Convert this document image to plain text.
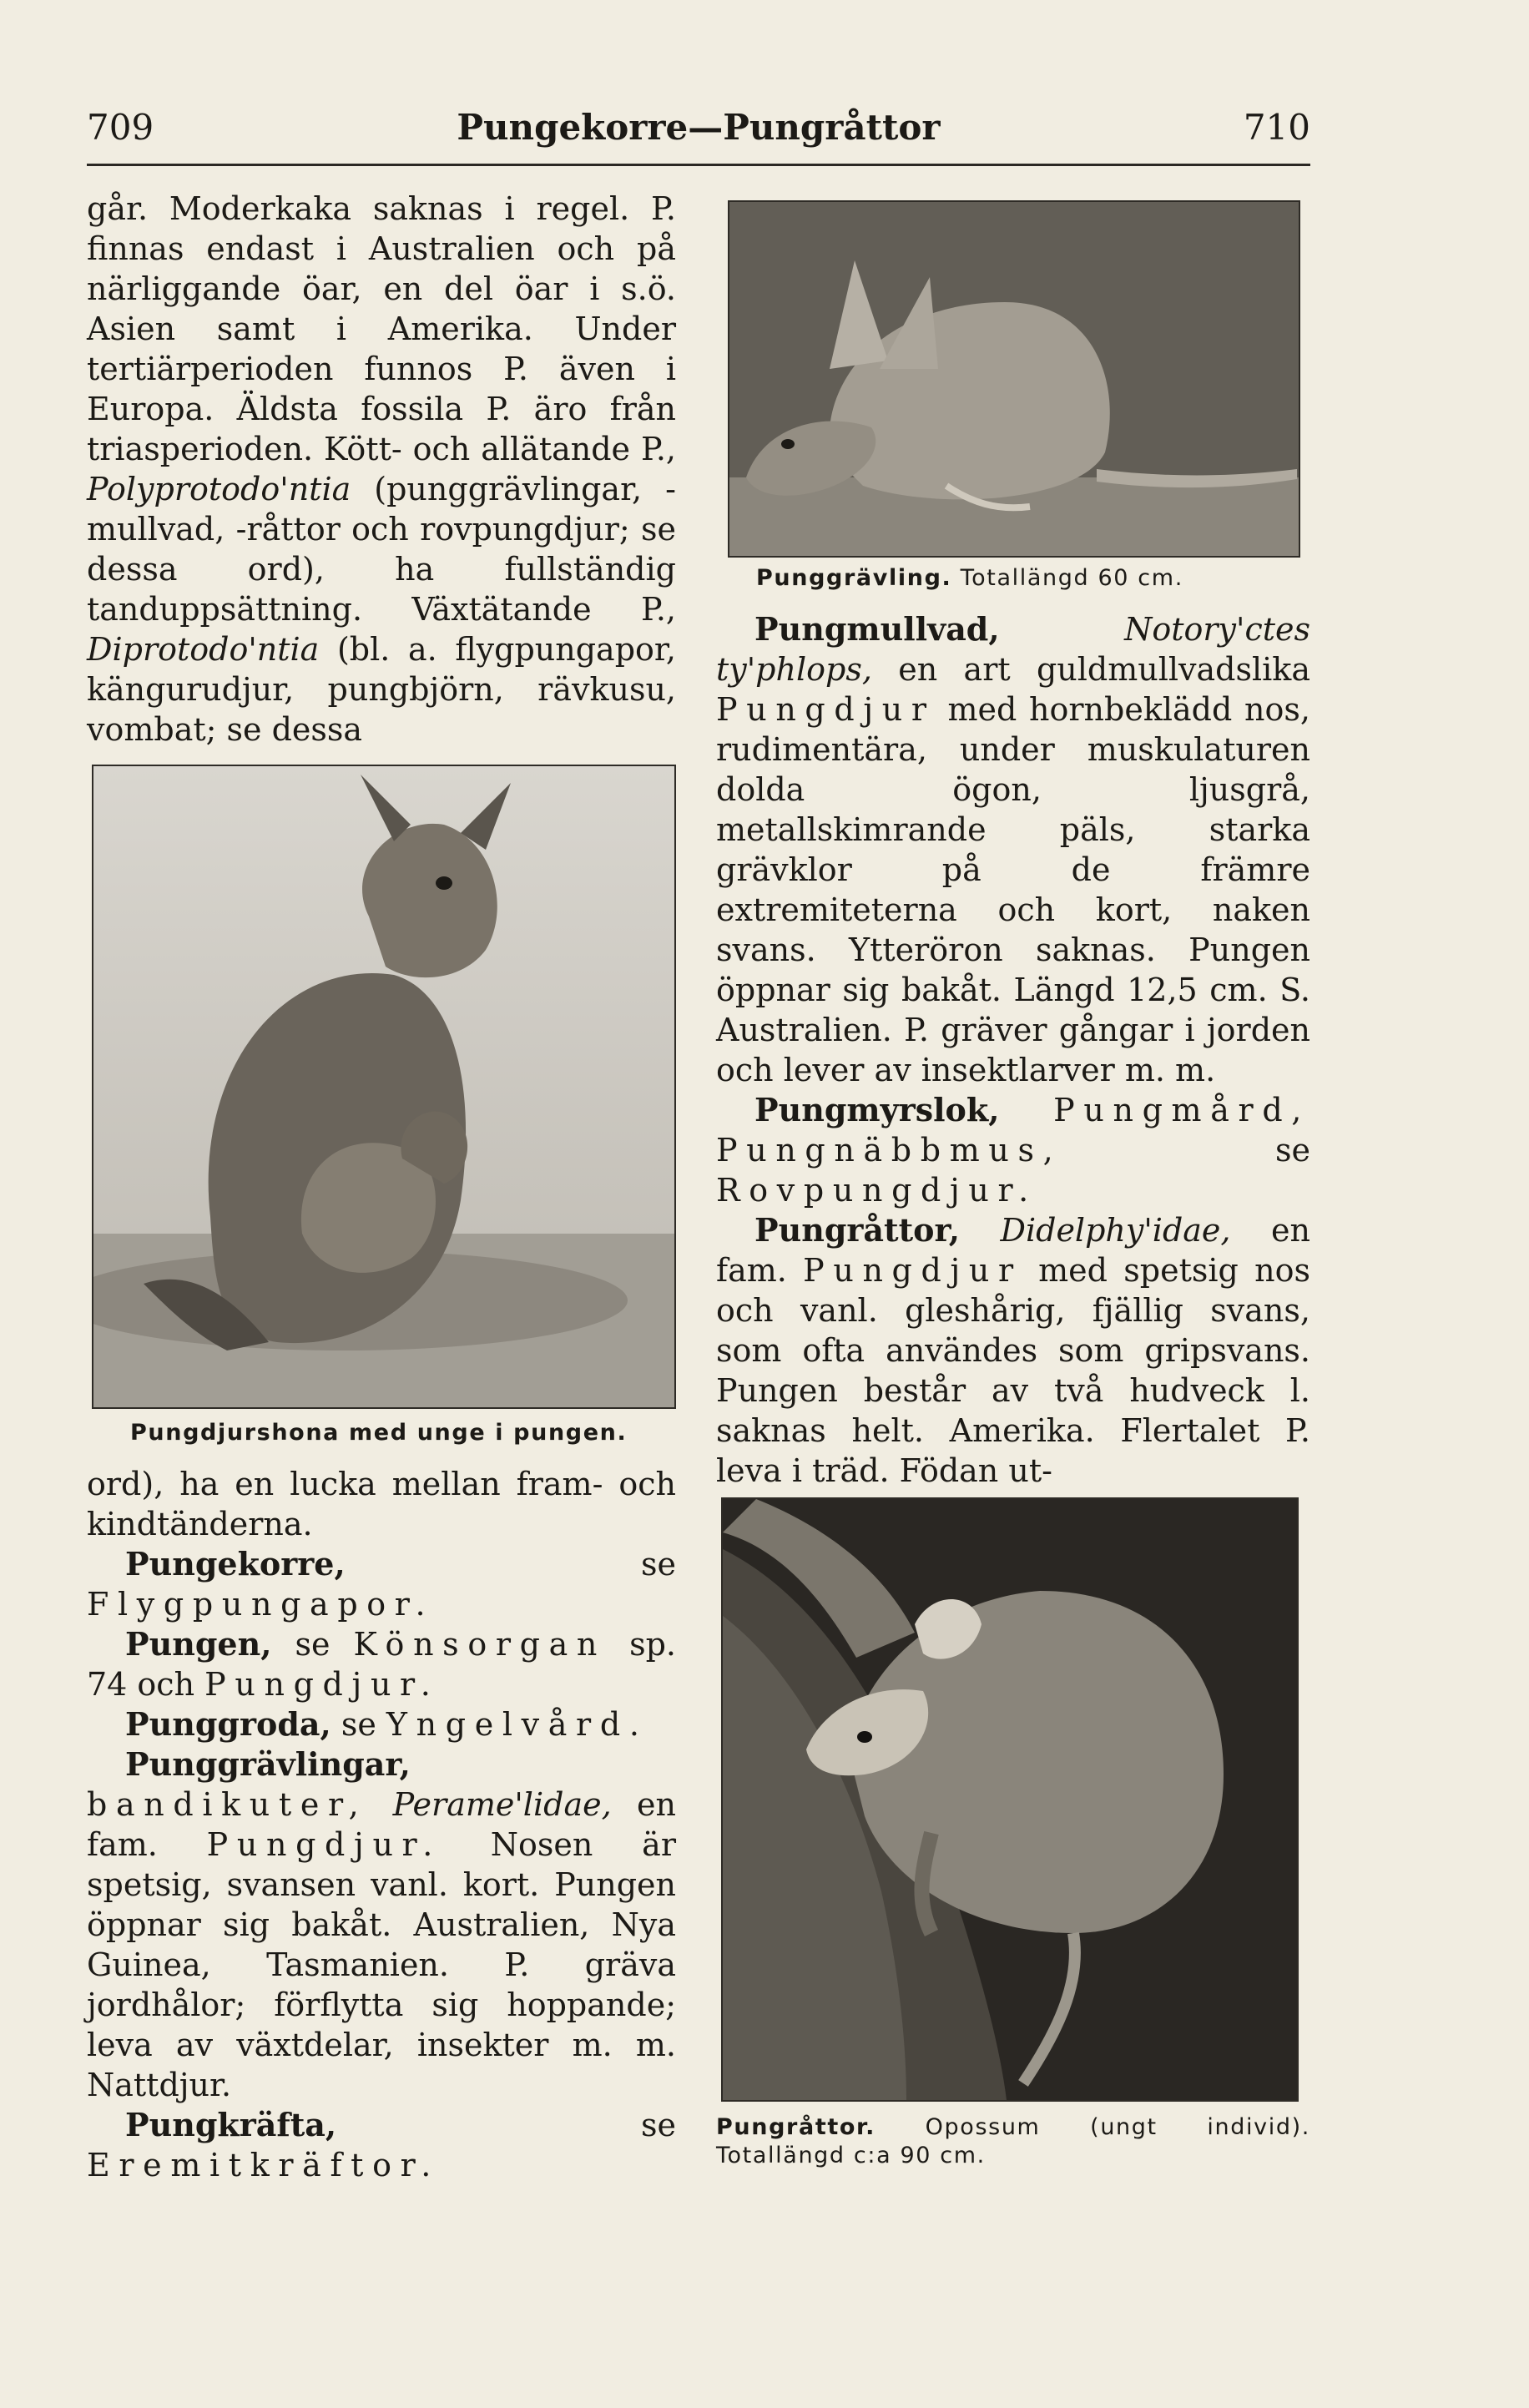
709	Pungekorre—Pungråttor	710

går. Moderkaka saknas i regel. P. finnas endast i Australien och på närliggande öar, en del öar i s.ö. Asien samt i Amerika. Under tertiärperioden funnos P. även i Europa. Äldsta fossila P. äro från triasperioden. Kött- och allätande P., Polyprotodo'ntia (punggrävlingar, -mullvad, -råttor och rovpungdjur; se dessa ord), ha fullständig tanduppsättning. Växtätande P., Diprotodo'ntia (bl. a. flygpungapor, kängurudjur, pungbjörn, rävkusu, vombat; se dessa

Pungdjurshona med unge i pungen.

ord), ha en lucka mellan fram- och kindtänderna.

Pungekorre, se Flygpungapor.

Pungen, se Könsorgan sp. 74 och Pungdjur.

Punggroda, se Yngelvård.

Punggrävlingar, bandikuter, Perame'lidae, en fam. Pungdjur. Nosen är spetsig, svansen vanl. kort. Pungen öppnar sig bakåt. Australien, Nya Guinea, Tasmanien. P. gräva jordhålor; förflytta sig hoppande; leva av växtdelar, insekter m. m. Nattdjur.

Pungkräfta, se Eremitkräftor.

Punggrävling. Totallängd 60 cm.

Pungmullvad, Notory'ctes ty'phlops, en art guldmullvadslika Pungdjur med hornbeklädd nos, rudimentära, under muskulaturen dolda ögon, ljusgrå, metallskimrande päls, starka grävklor på de främre extremiteterna och kort, naken svans. Ytteröron saknas. Pungen öppnar sig bakåt. Längd 12,5 cm. S. Australien. P. gräver gångar i jorden och lever av insektlarver m. m.

Pungmyrslok, Pungmård, Pungnäbbmus, se Rovpungdjur.

Pungråttor, Didelphy'idae, en fam. Pungdjur med spetsig nos och vanl. gleshårig, fjällig svans, som ofta användes som gripsvans. Pungen består av två hudveck l. saknas helt. Amerika. Flertalet P. leva i träd. Födan ut-

Pungråttor. Opossum (ungt individ). Totallängd c:a 90 cm.
